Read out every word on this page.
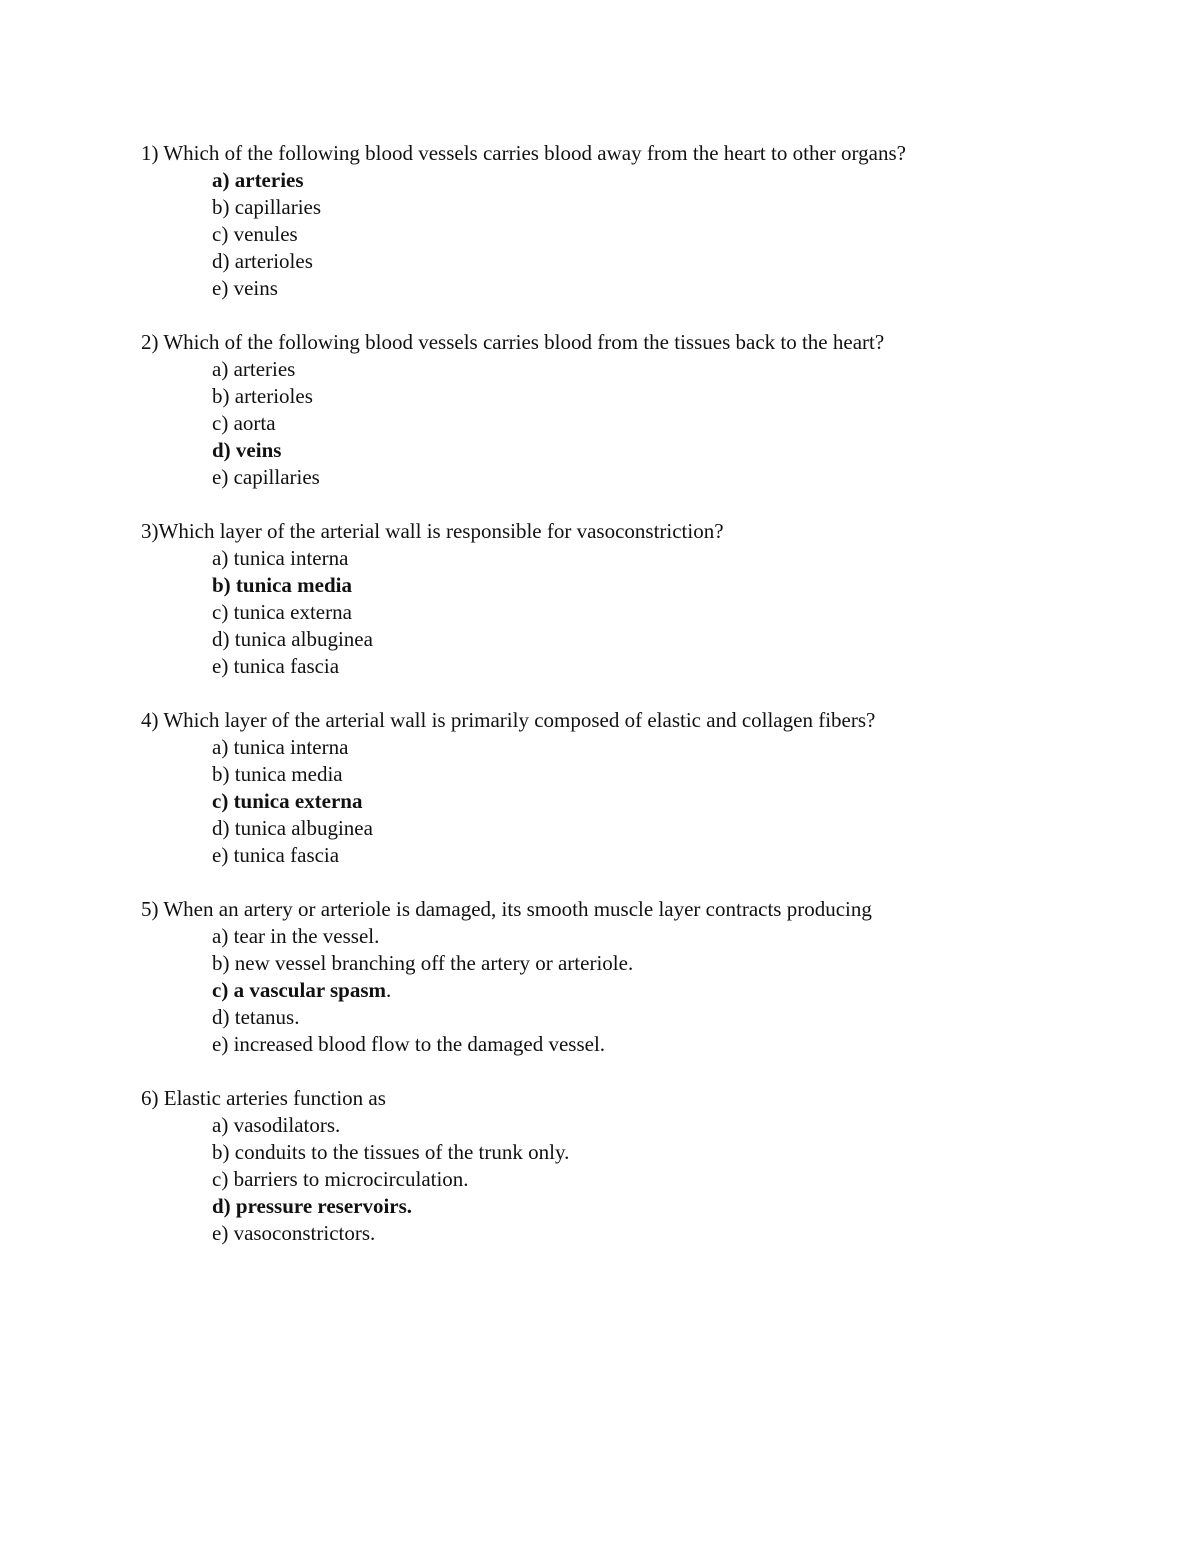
1) Which of the following blood vessels carries blood away from the heart to other organs?
a) arteries
b) capillaries
c) venules
d) arterioles
e) veins
2) Which of the following blood vessels carries blood from the tissues back to the heart?
a) arteries
b) arterioles
c) aorta
d) veins
e) capillaries
3)Which layer of the arterial wall is responsible for vasoconstriction?
a) tunica interna
b) tunica media
c) tunica externa
d) tunica albuginea
e) tunica fascia
4) Which layer of the arterial wall is primarily composed of elastic and collagen fibers?
a) tunica interna
b) tunica media
c) tunica externa
d) tunica albuginea
e) tunica fascia
5) When an artery or arteriole is damaged, its smooth muscle layer contracts producing
a) tear in the vessel.
b) new vessel branching off the artery or arteriole.
c) a vascular spasm.
d) tetanus.
e) increased blood flow to the damaged vessel.
6) Elastic arteries function as
a) vasodilators.
b) conduits to the tissues of the trunk only.
c) barriers to microcirculation.
d) pressure reservoirs.
e) vasoconstrictors.
